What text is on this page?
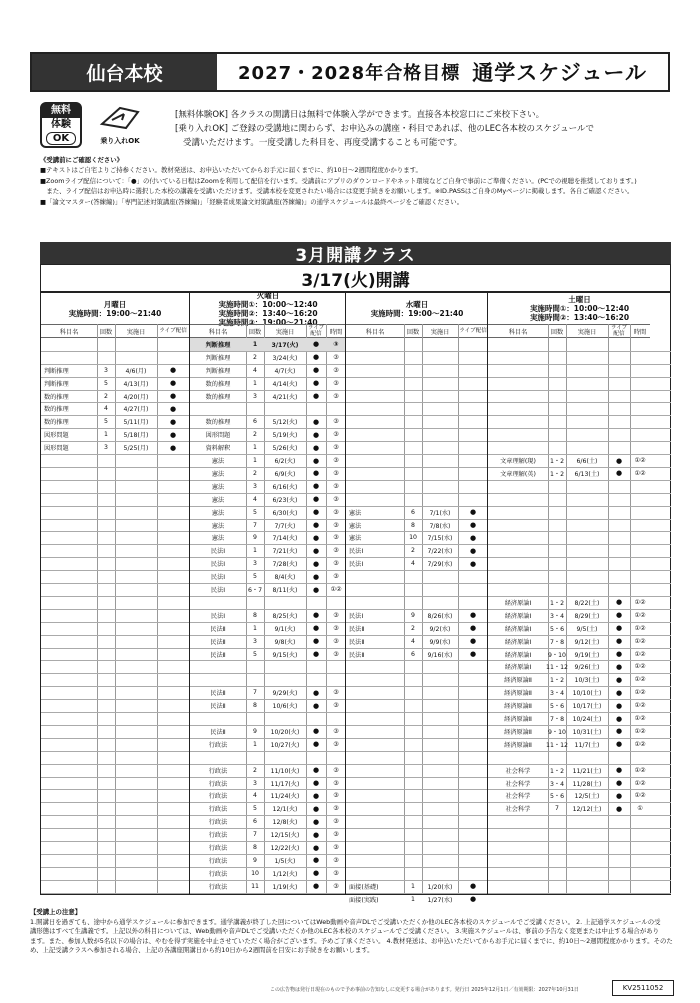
仙台本校	2027・2028年合格目標 通学スケジュール
無料
体験
OK	乗り入れOK
[無料体験OK] 各クラスの開講日は無料で体験入学ができます。直接各本校窓口にご来校下さい。
[乗り入れOK] ご登録の受講地に関わらず、お申込みの講座・科目であれば、他のLEC各本校のスケジュールで
受講いただけます。一度受講した科目を、再度受講することも可能です。
《受講前にご確認ください》
■テキストはご自宅よりご持参ください。教材発送は、お申込いただいてからお手元に届くまでに、約10日～2週間程度かかります。
■Zoomライブ配信について：「●」の付いている日程はZoomを利用して配信を行います。受講前にアプリのダウンロードやネット環境などご自身で事前にご準備ください。(PCでの視聴を推奨しております。)
　また、ライブ配信はお申込時に選択した本校の講義を受講いただけます。受講本校を変更されたい場合には変更手続きをお願いします。※ID.PASSはご自身のMyページに掲載します。各自ご確認ください。
■「論文マスター(答練編)」「専門記述対策講座(答練編)」「経験者成果論文対策講座(答練編)」の通学スケジュールは最終ページをご確認ください。
3月開講クラス
3/17(火)開講
月曜日
実施時間：19:00～21:40
科目名	回数	実施日	ライブ配信
判断推理	3	4/6(月)	●
判断推理	5	4/13(月)	●
数的推理	2	4/20(月)	●
数的推理	4	4/27(月)	●
数的推理	5	5/11(月)	●
図形問題	1	5/18(月)	●
図形問題	3	5/25(月)	●
火曜日
実施時間①：10:00～12:40
実施時間②：13:40～16:20
実施時間③：19:00～21:40
科目名	回数	実施日
ライブ配信	時間
判断推理	1	3/17(火)	●	③
判断推理	2	3/24(火)	●	③
判断推理	4	4/7(火)	●	③
数的推理	1	4/14(火)	●	③
数的推理	3	4/21(火)	●	③
数的推理	6	5/12(火)	●	③
図形問題	2	5/19(火)	●	③
資料解釈	1	5/26(火)	●	③
憲法	1	6/2(火)	●	③
憲法	2	6/9(火)	●	③
憲法	3	6/16(火)	●	③
憲法	4	6/23(火)	●	③
憲法	5	6/30(火)	●	③
憲法	7	7/7(火)	●	③
憲法	9	7/14(火)	●	③
民法Ⅰ	1	7/21(火)	●	③
民法Ⅰ	3	7/28(火)	●	③
民法Ⅰ	5	8/4(火)	●	③
民法Ⅰ	6・7	8/11(火)	●	①②
民法Ⅰ	8	8/25(火)	●	③
民法Ⅱ	1	9/1(火)	●	③
民法Ⅱ	3	9/8(火)	●	③
民法Ⅱ	5	9/15(火)	●	③
民法Ⅱ	7	9/29(火)	●	③
民法Ⅱ	8	10/6(火)	●	③
民法Ⅱ	9	10/20(火)	●	③
行政法	1	10/27(火)	●	③
行政法	2	11/10(火)	●	③
行政法	3	11/17(火)	●	③
行政法	4	11/24(火)	●	③
行政法	5	12/1(火)	●	③
行政法	6	12/8(火)	●	③
行政法	7	12/15(火)	●	③
行政法	8	12/22(火)	●	③
行政法	9	1/5(火)	●	③
行政法	10	1/12(火)	●	③
行政法	11	1/19(火)	●	③
水曜日
実施時間：19:00～21:40
科目名	回数	実施日	ライブ配信
憲法	6	7/1(水)	●
憲法	8	7/8(水)	●
憲法	10	7/15(水)	●
民法Ⅰ	2	7/22(水)	●
民法Ⅰ	4	7/29(水)	●
民法Ⅰ	9	8/26(水)	●
民法Ⅱ	2	9/2(水)	●
民法Ⅱ	4	9/9(水)	●
民法Ⅱ	6	9/16(水)	●
面接(基礎)	1	1/20(水)	●
面接(実践)	1	1/27(水)	●
土曜日
実施時間①：10:00～12:40
実施時間②：13:40～16:20
科目名	回数	実施日
ライブ配信	時間
文章理解(現)	1・2	6/6(土)	●	①②
文章理解(英)	1・2	6/13(土)	●	①②
経済原論Ⅰ	1・2	8/22(土)	●	①②
経済原論Ⅰ	3・4	8/29(土)	●	①②
経済原論Ⅰ	5・6	9/5(土)	●	①②
経済原論Ⅰ	7・8	9/12(土)	●	①②
経済原論Ⅰ	9・10	9/19(土)	●	①②
経済原論Ⅰ	11・12	9/26(土)	●	①②
経済原論Ⅱ	1・2	10/3(土)	●	①②
経済原論Ⅱ	3・4	10/10(土)	●	①②
経済原論Ⅱ	5・6	10/17(土)	●	①②
経済原論Ⅱ	7・8	10/24(土)	●	①②
経済原論Ⅱ	9・10	10/31(土)	●	①②
経済原論Ⅱ	11・12	11/7(土)	●	①②
社会科学	1・2	11/21(土)	●	①②
社会科学	3・4	11/28(土)	●	①②
社会科学	5・6	12/5(土)	●	①②
社会科学	7	12/12(土)	●	①
【受講上の注意】
1.開講日を過ぎても、途中から通学スケジュールに参加できます。通学講義が終了した回についてはWeb動画や音声DLでご受講いただくか他のLEC各本校のスケジュールでご受講ください。 2. 上記通学スケジュールの受
講形態はすべて生講義です。上記以外の科目については、Web動画や音声DLでご受講いただくか他のLEC各本校のスケジュールでご受講ください。 3.実施スケジュールは、事前の予告なく変更または中止する場合があり
ます。また、参加人数が5名以下の場合は、やむを得ず実施を中止させていただく場合がございます。予めご了承ください。 4.教材発送は、お申込いただいてからお手元に届くまでに、約10日～2週間程度かかります。そのた
め、上記受講クラスへ参加される場合、上記の各講座開講日から約10日から2週間前を目安にお手続きをお願いします。
この広告物は発行日現在のもので予め事前の告知なしに変更する場合があります。発行日 2025年12月1日／有効期限：2027年10月31日	KV2511052
